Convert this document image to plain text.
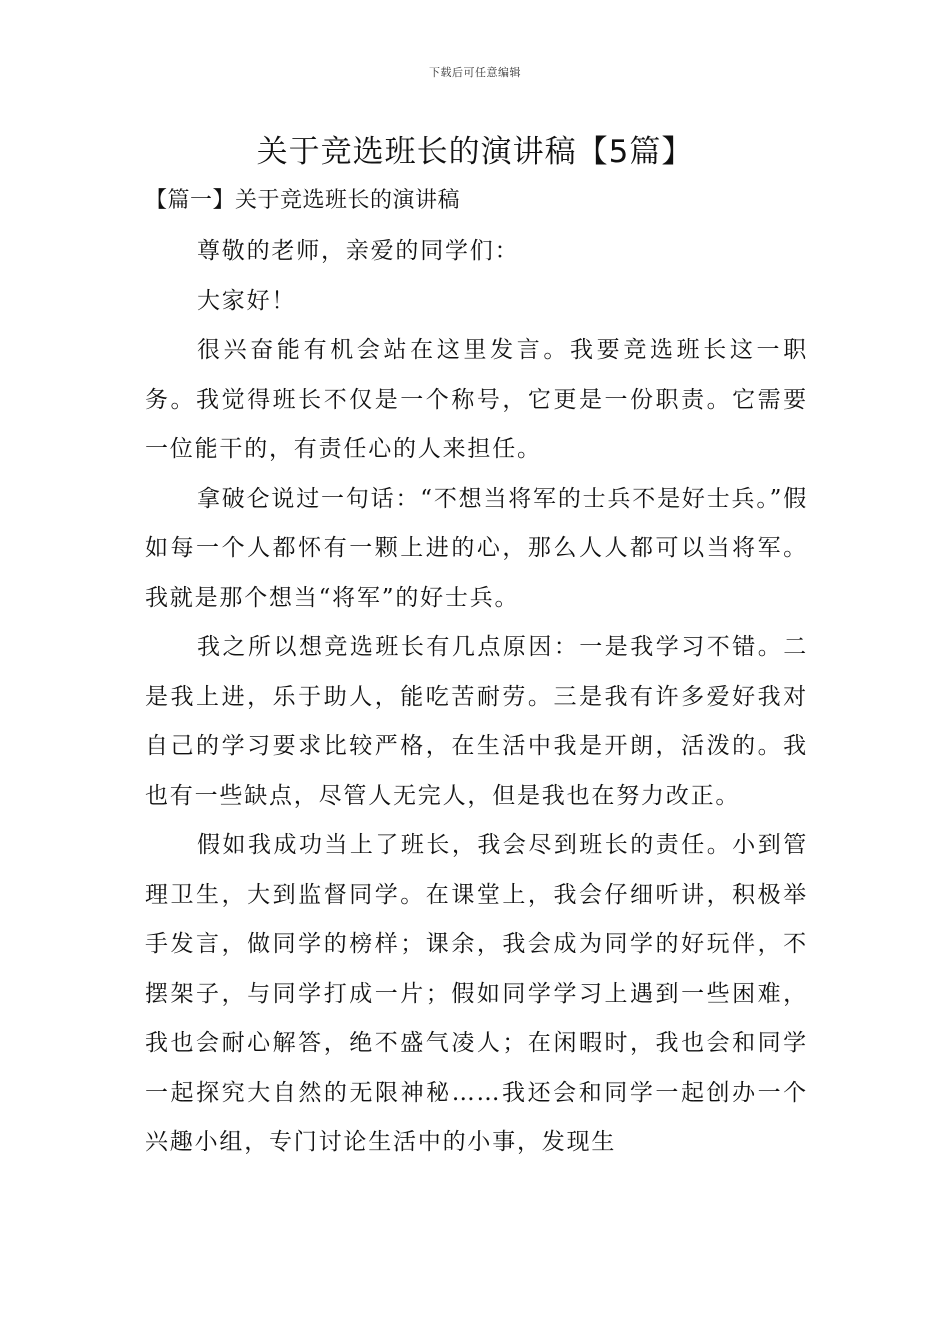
下载后可任意编辑
关于竞选班长的演讲稿【5篇】
【篇一】关于竞选班长的演讲稿

尊敬的老师，亲爱的同学们：

大家好！

很兴奋能有机会站在这里发言。我要竞选班长这一职务。我觉得班长不仅是一个称号，它更是一份职责。它需要一位能干的，有责任心的人来担任。

拿破仑说过一句话：“不想当将军的士兵不是好士兵。”假如每一个人都怀有一颗上进的心，那么人人都可以当将军。我就是那个想当“将军”的好士兵。

我之所以想竞选班长有几点原因：一是我学习不错。二是我上进，乐于助人，能吃苦耐劳。三是我有许多爱好我对自己的学习要求比较严格，在生活中我是开朗，活泼的。我也有一些缺点，尽管人无完人，但是我也在努力改正。

假如我成功当上了班长，我会尽到班长的责任。小到管理卫生，大到监督同学。在课堂上，我会仔细听讲，积极举手发言，做同学的榜样；课余，我会成为同学的好玩伴，不摆架子，与同学打成一片；假如同学学习上遇到一些困难，我也会耐心解答，绝不盛气凌人；在闲暇时，我也会和同学一起探究大自然的无限神秘……我还会和同学一起创办一个兴趣小组，专门讨论生活中的小事，发现生
